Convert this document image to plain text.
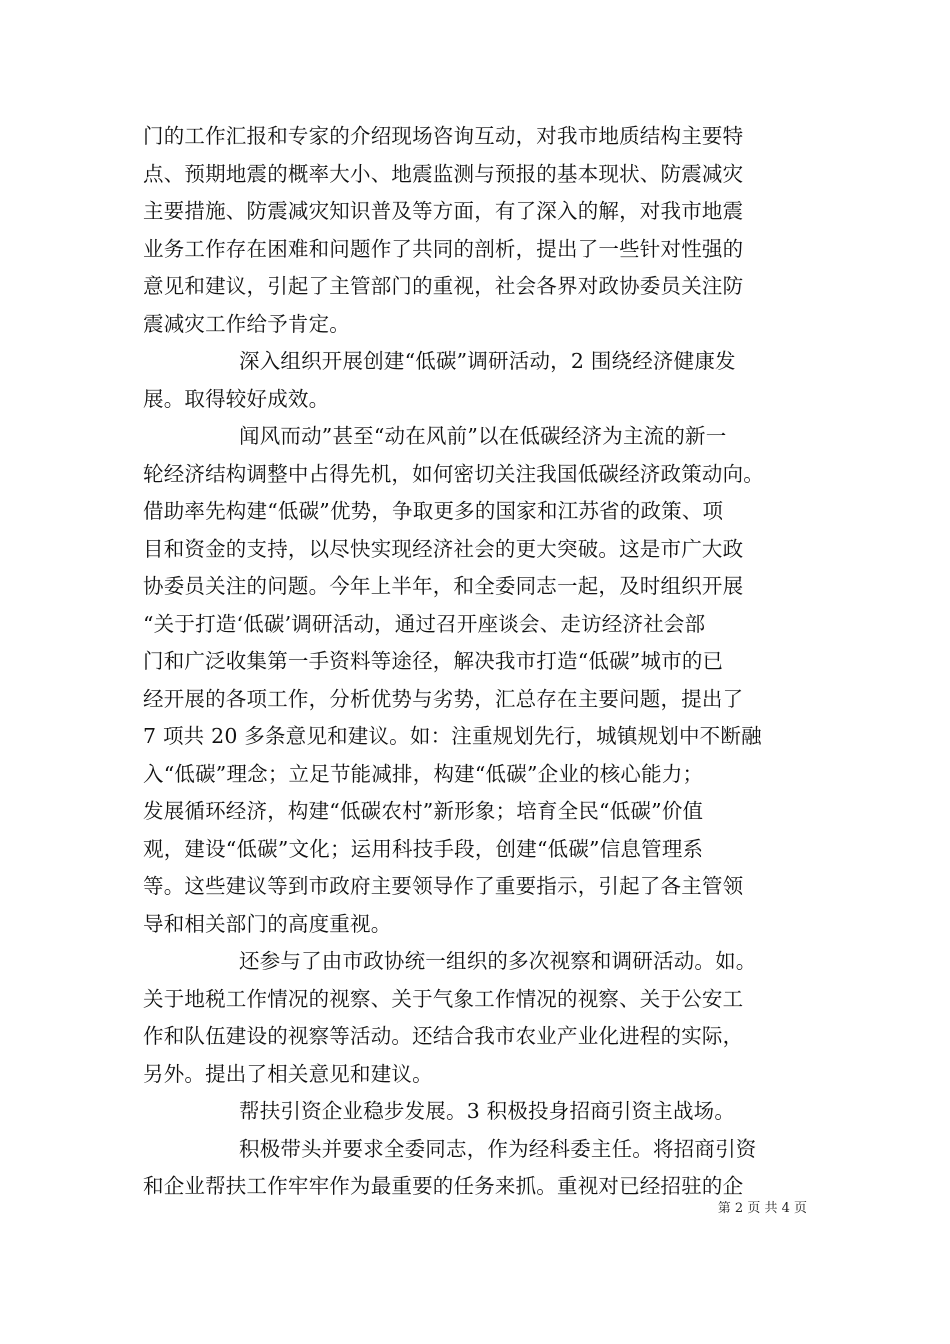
门的工作汇报和专家的介绍现场咨询互动，对我市地质结构主要特
点、预期地震的概率大小、地震监测与预报的基本现状、防震减灾
主要措施、防震减灾知识普及等方面，有了深入的解，对我市地震
业务工作存在困难和问题作了共同的剖析，提出了一些针对性强的
意见和建议，引起了主管部门的重视，社会各界对政协委员关注防
震减灾工作给予肯定。
深入组织开展创建“低碳”调研活动，2 围绕经济健康发
展。取得较好成效。
闻风而动”甚至“动在风前”以在低碳经济为主流的新一
轮经济结构调整中占得先机，如何密切关注我国低碳经济政策动向。
借助率先构建“低碳”优势，争取更多的国家和江苏省的政策、项
目和资金的支持，以尽快实现经济社会的更大突破。这是市广大政
协委员关注的问题。今年上半年，和全委同志一起，及时组织开展
“关于打造‘低碳’调研活动，通过召开座谈会、走访经济社会部
门和广泛收集第一手资料等途径，解决我市打造“低碳”城市的已
经开展的各项工作，分析优势与劣势，汇总存在主要问题，提出了
7 项共 20 多条意见和建议。如：注重规划先行，城镇规划中不断融
入“低碳”理念；立足节能减排，构建“低碳”企业的核心能力；
发展循环经济，构建“低碳农村”新形象；培育全民“低碳”价值
观，建设“低碳”文化；运用科技手段，创建“低碳”信息管理系
等。这些建议等到市政府主要领导作了重要指示，引起了各主管领
导和相关部门的高度重视。
还参与了由市政协统一组织的多次视察和调研活动。如。
关于地税工作情况的视察、关于气象工作情况的视察、关于公安工
作和队伍建设的视察等活动。还结合我市农业产业化进程的实际，
另外。提出了相关意见和建议。
帮扶引资企业稳步发展。3 积极投身招商引资主战场。
积极带头并要求全委同志，作为经科委主任。将招商引资
和企业帮扶工作牢牢作为最重要的任务来抓。重视对已经招驻的企
第 2 页 共 4 页
